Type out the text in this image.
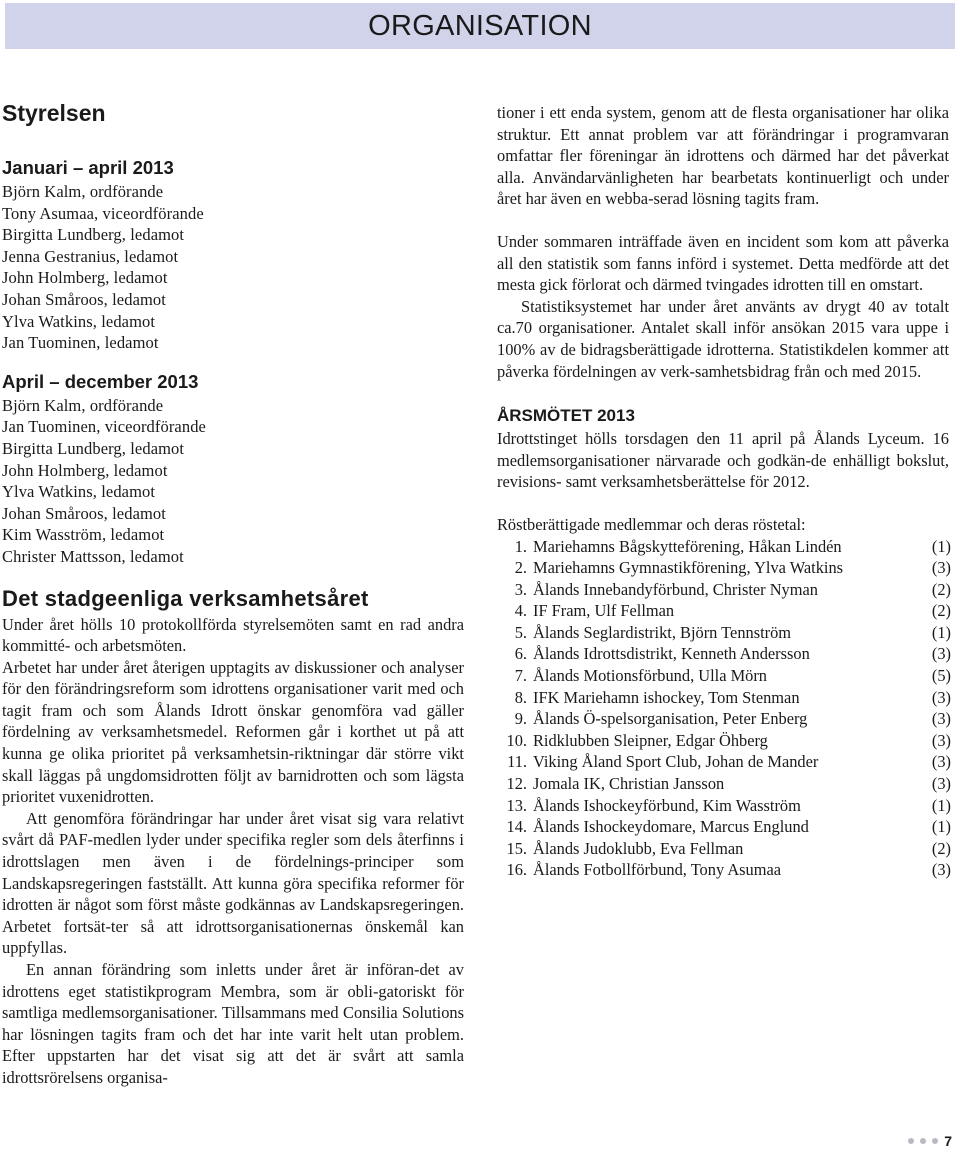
ORGANISATION
Styrelsen
Januari – april 2013
Björn Kalm, ordförande
Tony Asumaa, viceordförande
Birgitta Lundberg, ledamot
Jenna Gestranius, ledamot
John Holmberg, ledamot
Johan Småroos, ledamot
Ylva Watkins, ledamot
Jan Tuominen, ledamot
April – december 2013
Björn Kalm, ordförande
Jan Tuominen, viceordförande
Birgitta Lundberg, ledamot
John Holmberg, ledamot
Ylva Watkins, ledamot
Johan Småroos, ledamot
Kim Wasström, ledamot
Christer Mattsson, ledamot
Det stadgeenliga verksamhetsåret

Under året hölls 10 protokollförda styrelsemöten samt en rad andra kommitté- och arbetsmöten.

Arbetet har under året återigen upptagits av diskussioner och analyser för den förändringsreform som idrottens organisationer varit med och tagit fram och som Ålands Idrott önskar genomföra vad gäller fördelning av verksamhetsmedel. Reformen går i korthet ut på att kunna ge olika prioritet på verksamhetsin-riktningar där större vikt skall läggas på ungdomsidrotten följt av barnidrotten och som lägsta prioritet vuxenidrotten.

Att genomföra förändringar har under året visat sig vara relativt svårt då PAF-medlen lyder under specifika regler som dels återfinns i idrottslagen men även i de fördelnings-principer som Landskapsregeringen fastställt. Att kunna göra specifika reformer för idrotten är något som först måste godkännas av Landskapsregeringen. Arbetet fortsät-ter så att idrottsorganisationernas önskemål kan uppfyllas.

En annan förändring som inletts under året är införan-det av idrottens eget statistikprogram Membra, som är obli-gatoriskt för samtliga medlemsorganisationer. Tillsammans med Consilia Solutions har lösningen tagits fram och det har inte varit helt utan problem. Efter uppstarten har det visat sig att det är svårt att samla idrottsrörelsens organisa-

tioner i ett enda system, genom att de flesta organisationer har olika struktur. Ett annat problem var att förändringar i programvaran omfattar fler föreningar än idrottens och därmed har det påverkat alla. Användarvänligheten har bearbetats kontinuerligt och under året har även en webba-serad lösning tagits fram.

Under sommaren inträffade även en incident som kom att påverka all den statistik som fanns införd i systemet. Detta medförde att det mesta gick förlorat och därmed tvingades idrotten till en omstart.

Statistiksystemet har under året använts av drygt 40 av totalt ca.70 organisationer. Antalet skall inför ansökan 2015 vara uppe i 100% av de bidragsberättigade idrotterna. Statistikdelen kommer att påverka fördelningen av verk-samhetsbidrag från och med 2015.

ÅRSMÖTET 2013

Idrottstinget hölls torsdagen den 11 april på Ålands Lyceum. 16 medlemsorganisationer närvarade och godkän-de enhälligt bokslut, revisions- samt verksamhetsberättelse för 2012.

Röstberättigade medlemmar och deras röstetal:

1. Mariehamns Bågskytteförening, Håkan Lindén	(1)
2. Mariehamns Gymnastikförening, Ylva Watkins	(3)
3. Ålands Innebandyförbund, Christer Nyman	(2)
4. IF Fram, Ulf Fellman	(2)
5. Ålands Seglardistrikt, Björn Tennström	(1)
6. Ålands Idrottsdistrikt, Kenneth Andersson	(3)
7. Ålands Motionsförbund, Ulla Mörn	(5)
8. IFK Mariehamn ishockey, Tom Stenman	(3)
9. Ålands Ö-spelsorganisation, Peter Enberg	(3)
10. Ridklubben Sleipner, Edgar Öhberg	(3)
11. Viking Åland Sport Club, Johan de Mander	(3)
12. Jomala IK, Christian Jansson	(3)
13. Ålands Ishockeyförbund, Kim Wasström	(1)
14. Ålands Ishockeydomare, Marcus Englund	(1)
15. Ålands Judoklubb, Eva Fellman	(2)
16. Ålands Fotbollförbund, Tony Asumaa	(3)
7
